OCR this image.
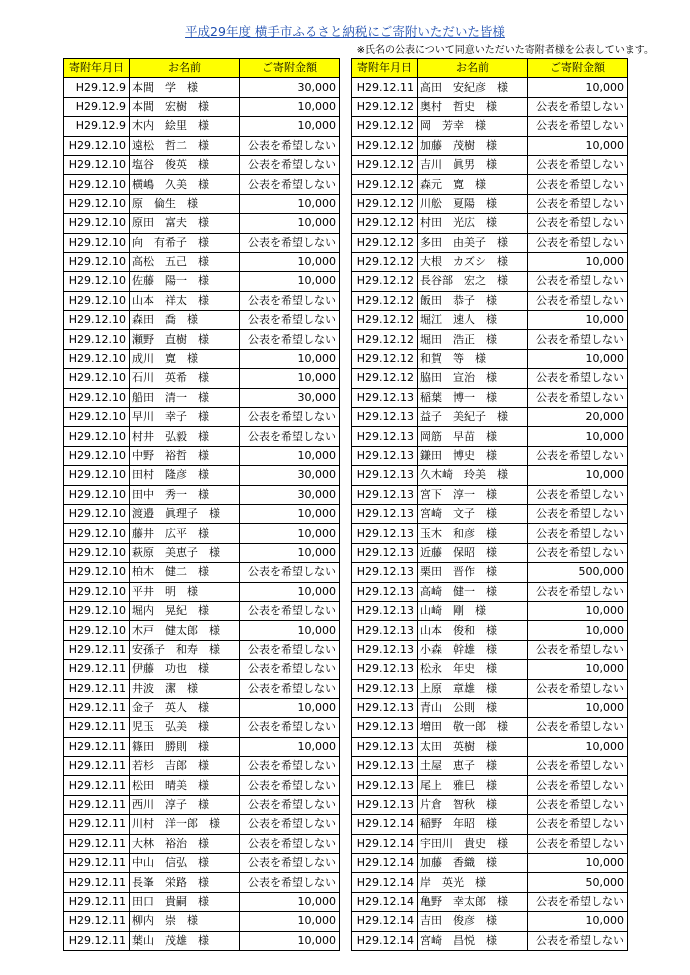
平成29年度 横手市ふるさと納税にご寄附いただいた皆様
※氏名の公表について同意いただいた寄附者様を公表しています。
寄附年月日	お名前	ご寄附金額
H29.12.9	本間　学　様	30,000
H29.12.9	本間　宏樹　様	10,000
H29.12.9	木内　絵里　様	10,000
H29.12.10	遠松　哲二　様	公表を希望しない
H29.12.10	塩谷　俊英　様	公表を希望しない
H29.12.10	横嶋　久美　様	公表を希望しない
H29.12.10	原　倫生　様	10,000
H29.12.10	原田　富夫　様	10,000
H29.12.10	向　有希子　様	公表を希望しない
H29.12.10	高松　五己　様	10,000
H29.12.10	佐藤　陽一　様	10,000
H29.12.10	山本　祥太　様	公表を希望しない
H29.12.10	森田　喬　様	公表を希望しない
H29.12.10	瀬野　直樹　様	公表を希望しない
H29.12.10	成川　寛　様	10,000
H29.12.10	石川　英希　様	10,000
H29.12.10	船田　清一　様	30,000
H29.12.10	早川　幸子　様	公表を希望しない
H29.12.10	村井　弘毅　様	公表を希望しない
H29.12.10	中野　裕哲　様	10,000
H29.12.10	田村　隆彦　様	30,000
H29.12.10	田中　秀一　様	30,000
H29.12.10	渡邉　眞理子　様	10,000
H29.12.10	藤井　広平　様	10,000
H29.12.10	萩原　美恵子　様	10,000
H29.12.10	柏木　健二　様	公表を希望しない
H29.12.10	平井　明　様	10,000
H29.12.10	堀内　晃紀　様	公表を希望しない
H29.12.10	木戸　健太郎　様	10,000
H29.12.11	安孫子　和寿　様	公表を希望しない
H29.12.11	伊藤　功也　様	公表を希望しない
H29.12.11	井波　潔　様	公表を希望しない
H29.12.11	金子　英人　様	10,000
H29.12.11	児玉　弘美　様	公表を希望しない
H29.12.11	篠田　勝則　様	10,000
H29.12.11	若杉　吉郎　様	公表を希望しない
H29.12.11	松田　晴美　様	公表を希望しない
H29.12.11	西川　淳子　様	公表を希望しない
H29.12.11	川村　洋一郎　様	公表を希望しない
H29.12.11	大林　裕治　様	公表を希望しない
H29.12.11	中山　信弘　様	公表を希望しない
H29.12.11	長峯　栄路　様	公表を希望しない
H29.12.11	田口　貴嗣　様	10,000
H29.12.11	柳内　崇　様	10,000
H29.12.11	葉山　茂雄　様	10,000
寄附年月日	お名前	ご寄附金額
H29.12.11	高田　安紀彦　様	10,000
H29.12.12	奥村　哲史　様	公表を希望しない
H29.12.12	岡　芳幸　様	公表を希望しない
H29.12.12	加藤　茂樹　様	10,000
H29.12.12	吉川　眞男　様	公表を希望しない
H29.12.12	森元　寛　様	公表を希望しない
H29.12.12	川舩　夏陽　様	公表を希望しない
H29.12.12	村田　光広　様	公表を希望しない
H29.12.12	多田　由美子　様	公表を希望しない
H29.12.12	大根　カズシ　様	10,000
H29.12.12	長谷部　宏之　様	公表を希望しない
H29.12.12	飯田　恭子　様	公表を希望しない
H29.12.12	堀江　速人　様	10,000
H29.12.12	堀田　浩正　様	公表を希望しない
H29.12.12	和賀　等　様	10,000
H29.12.12	脇田　宣治　様	公表を希望しない
H29.12.13	稲葉　博一　様	公表を希望しない
H29.12.13	益子　美紀子　様	20,000
H29.12.13	岡筋　早苗　様	10,000
H29.12.13	鎌田　博史　様	公表を希望しない
H29.12.13	久木崎　玲美　様	10,000
H29.12.13	宮下　淳一　様	公表を希望しない
H29.12.13	宮崎　文子　様	公表を希望しない
H29.12.13	玉木　和彦　様	公表を希望しない
H29.12.13	近藤　保昭　様	公表を希望しない
H29.12.13	栗田　晋作　様	500,000
H29.12.13	高崎　健一　様	公表を希望しない
H29.12.13	山崎　剛　様	10,000
H29.12.13	山本　俊和　様	10,000
H29.12.13	小森　幹雄　様	公表を希望しない
H29.12.13	松永　年史　様	10,000
H29.12.13	上原　章雄　様	公表を希望しない
H29.12.13	青山　公則　様	10,000
H29.12.13	増田　敬一郎　様	公表を希望しない
H29.12.13	太田　英樹　様	10,000
H29.12.13	土屋　恵子　様	公表を希望しない
H29.12.13	尾上　雅巳　様	公表を希望しない
H29.12.13	片倉　智秋　様	公表を希望しない
H29.12.14	稲野　年昭　様	公表を希望しない
H29.12.14	宇田川　貴史　様	公表を希望しない
H29.12.14	加藤　香織　様	10,000
H29.12.14	岸　英光　様	50,000
H29.12.14	亀野　幸太郎　様	公表を希望しない
H29.12.14	吉田　俊彦　様	10,000
H29.12.14	宮崎　昌悦　様	公表を希望しない
